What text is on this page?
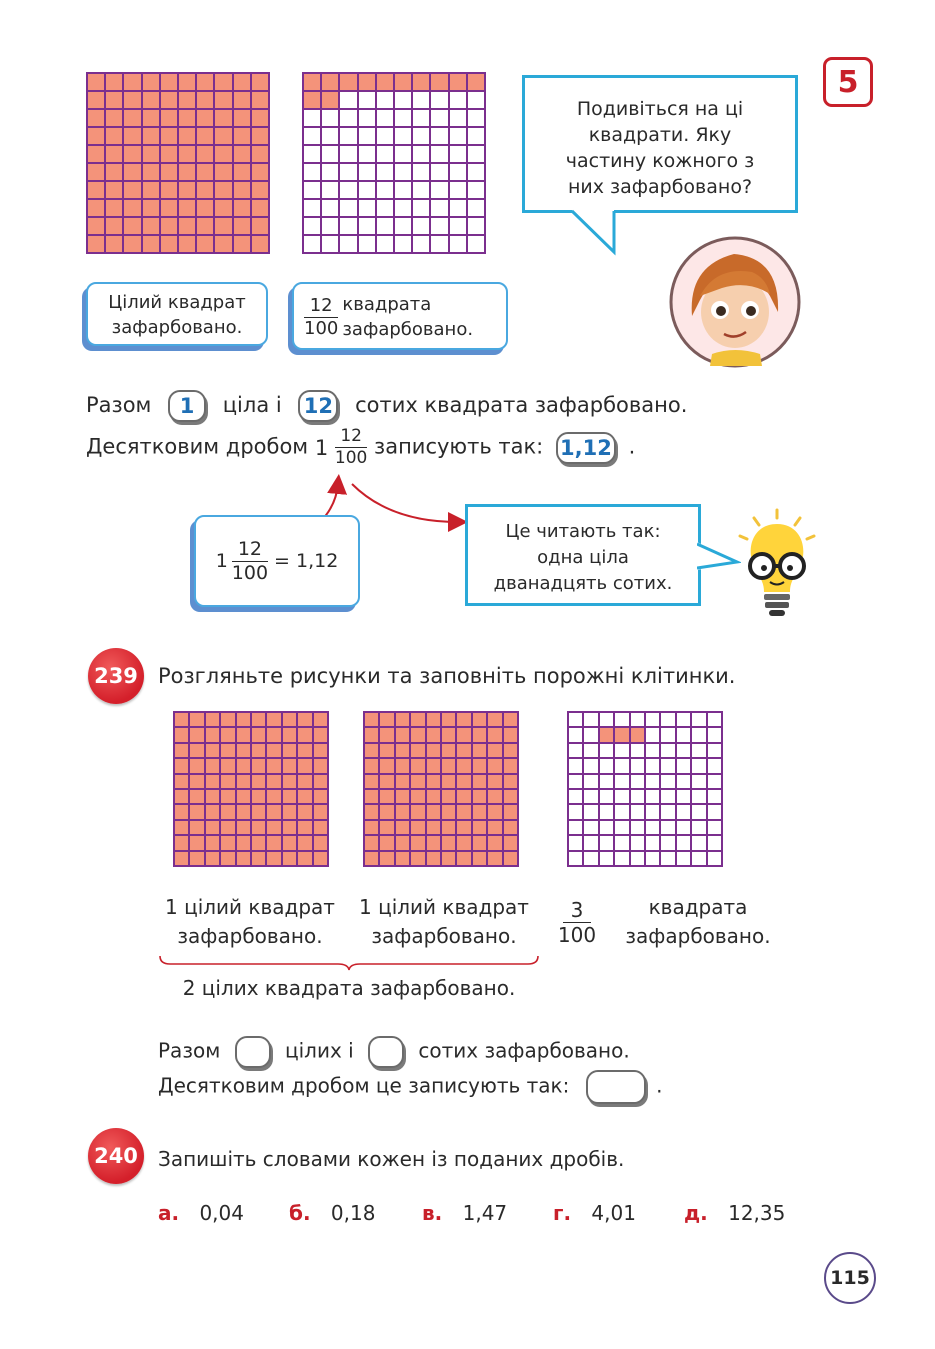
5
Подивіться на ці квадрати. Яку частину кожного з них зафарбовано?
Цілий квадрат зафарбовано.	$\frac{12}{100}$ квадрата зафарбовано.
Разом 1 ціла і 12 сотих квадрата зафарбовано.
Десятковим дробом $1 \frac{12}{100}$ записують так: 1,12 .
$1 \frac{12}{100} = 1,12$
Це читають так: одна ціла дванадцять сотих.
239 Розгляньте рисунки та заповніть порожні клітинки.
1 цілий квадрат зафарбовано.
1 цілий квадрат зафарбовано.	$\frac{3}{100}$	квадрата зафарбовано.
2 цілих квадрата зафарбовано.
Разом	цілих і	сотих зафарбовано.
Десятковим дробом це записують так:	.
240 Запишіть словами кожен із поданих дробів.
а. 0,04 б. 0,18 в. 1,47 г. 4,01 д. 12,35
115
